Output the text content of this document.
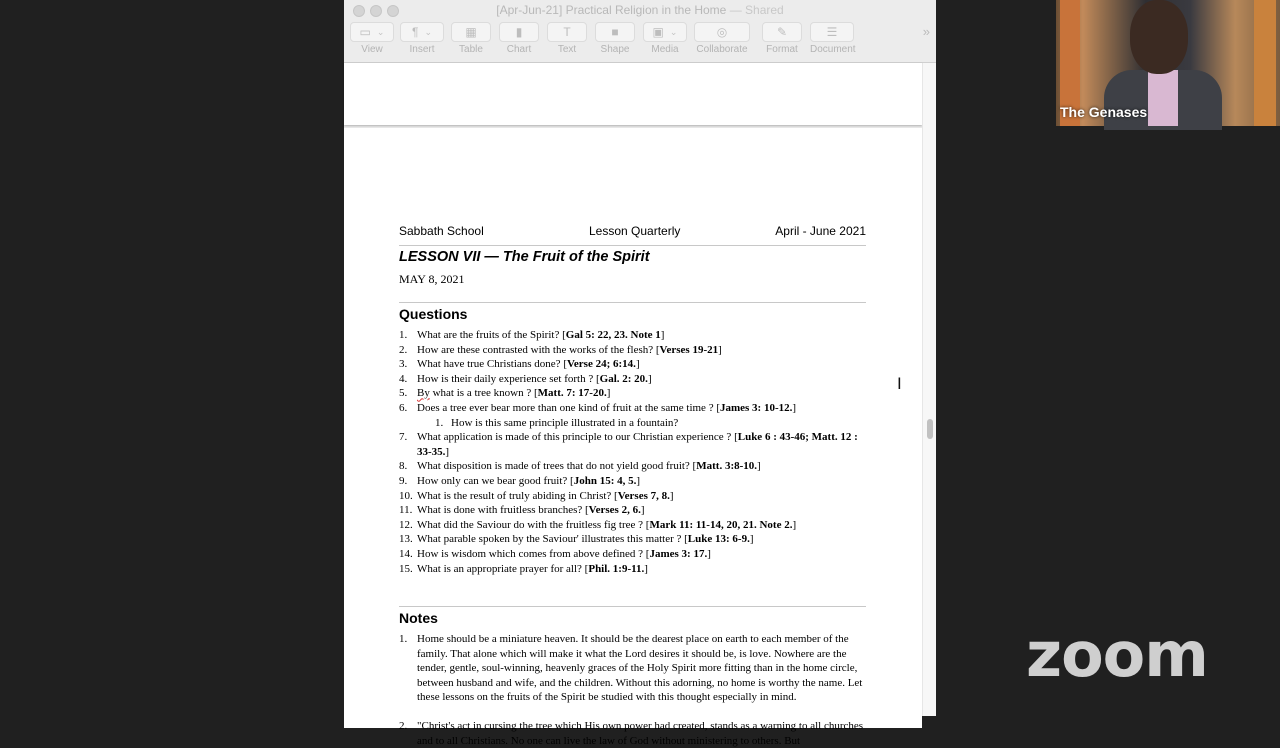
[Apr-Jun-21] Practical Religion in the Home — Shared
▭ ⌄
View
¶ ⌄
Insert
▦
Table
▮
Chart
T
Text
■
Shape
▣ ⌄
Media
◎
Collaborate
✎
Format
☰
Document
»
Sabbath School	Lesson Quarterly	April - June 2021
LESSON VII — The Fruit of the Spirit
MAY 8, 2021
Questions
1. What are the fruits of the Spirit? [Gal 5: 22, 23. Note 1]
2. How are these contrasted with the works of the flesh? [Verses 19-21]
3. What have true Christians done? [Verse 24; 6:14.]
4. How is their daily experience set forth ? [Gal. 2: 20.]
5. By what is a tree known ? [Matt. 7: 17-20.]
6. Does a tree ever bear more than one kind of fruit at the same time ? [James 3: 10-12.]
1. How is this same principle illustrated in a fountain?
7. What application is made of this principle to our Christian experience ? [Luke 6 : 43-46; Matt. 12 : 33-35.]
8. What disposition is made of trees that do not yield good fruit? [Matt. 3:8-10.]
9. How only can we bear good fruit? [John 15: 4, 5.]
10. What is the result of truly abiding in Christ? [Verses 7, 8.]
11. What is done with fruitless branches? [Verses 2, 6.]
12. What did the Saviour do with the fruitless fig tree ? [Mark 11: 11-14, 20, 21. Note 2.]
13. What parable spoken by the Saviour' illustrates this matter ? [Luke 13: 6-9.]
14. How is wisdom which comes from above defined ? [James 3: 17.]
15. What is an appropriate prayer for all? [Phil. 1:9-11.]
Notes
1. Home should be a miniature heaven. It should be the dearest place on earth to each member of the family. That alone which will make it what the Lord desires it should be, is love. Nowhere are the tender, gentle, soul-winning, heavenly graces of the Holy Spirit more fitting than in the home circle, between husband and wife, and the children. Without this adorning, no home is worthy the name. Let these lessons on the fruits of the Spirit be studied with this thought especially in mind.
2. "Christ's act in cursing the tree which His own power had created, stands as a warning to all churches and to all Christians. No one can live the law of God without ministering to others. But
I
The Genases
zoom
